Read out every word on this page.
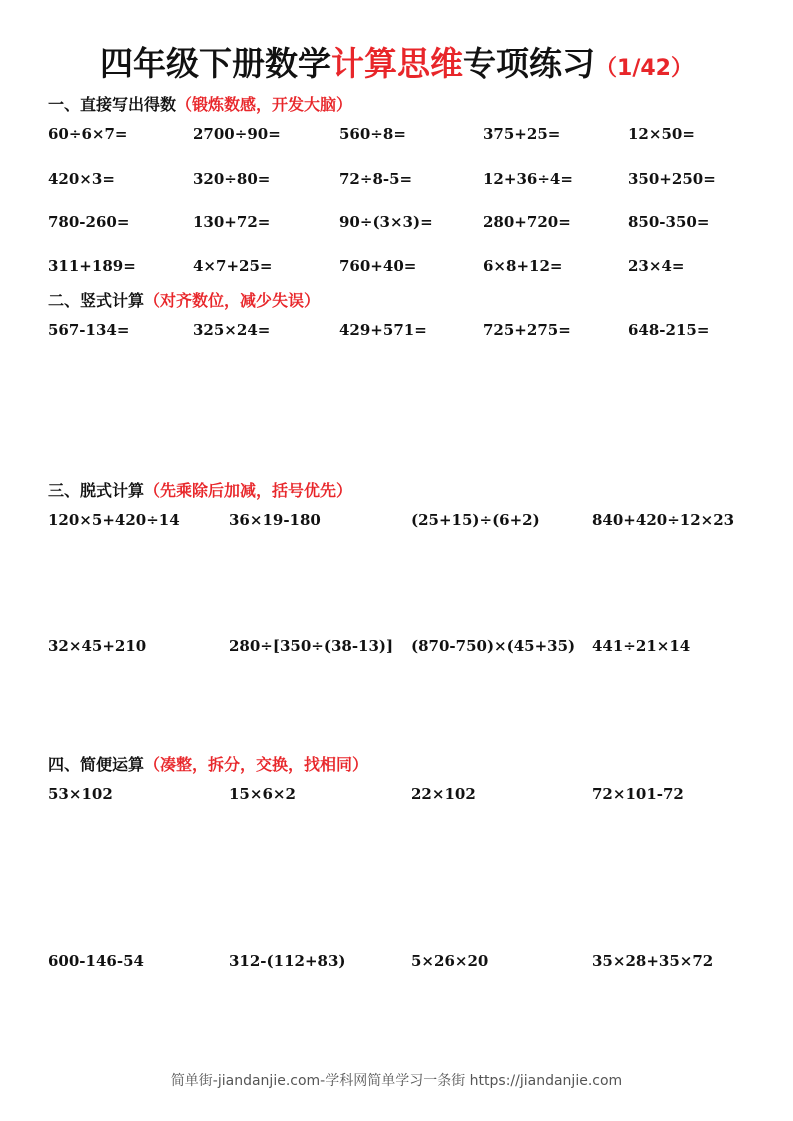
四年级下册数学计算思维专项练习（1/42）
一、直接写出得数（锻炼数感，开发大脑）
60÷6×7=	2700÷90=	560÷8=	375+25=	12×50=
420×3=	320÷80=	72÷8-5=	12+36÷4=	350+250=
780-260=	130+72=	90÷(3×3)=	280+720=	850-350=
311+189=	4×7+25=	760+40=	6×8+12=	23×4=
二、竖式计算（对齐数位，减少失误）
567-134=	325×24=	429+571=	725+275=	648-215=
三、脱式计算（先乘除后加减，括号优先）
120×5+420÷14	36×19-180	(25+15)÷(6+2)	840+420÷12×23
32×45+210	280÷[350÷(38-13)] (870-750)×(45+35) 441÷21×14
四、简便运算（凑整，拆分，交换，找相同）
53×102	15×6×2	22×102	72×101-72
600-146-54	312-(112+83)	5×26×20	35×28+35×72
简单街-jiandanjie.com-学科网简单学习一条街 https://jiandanjie.com
